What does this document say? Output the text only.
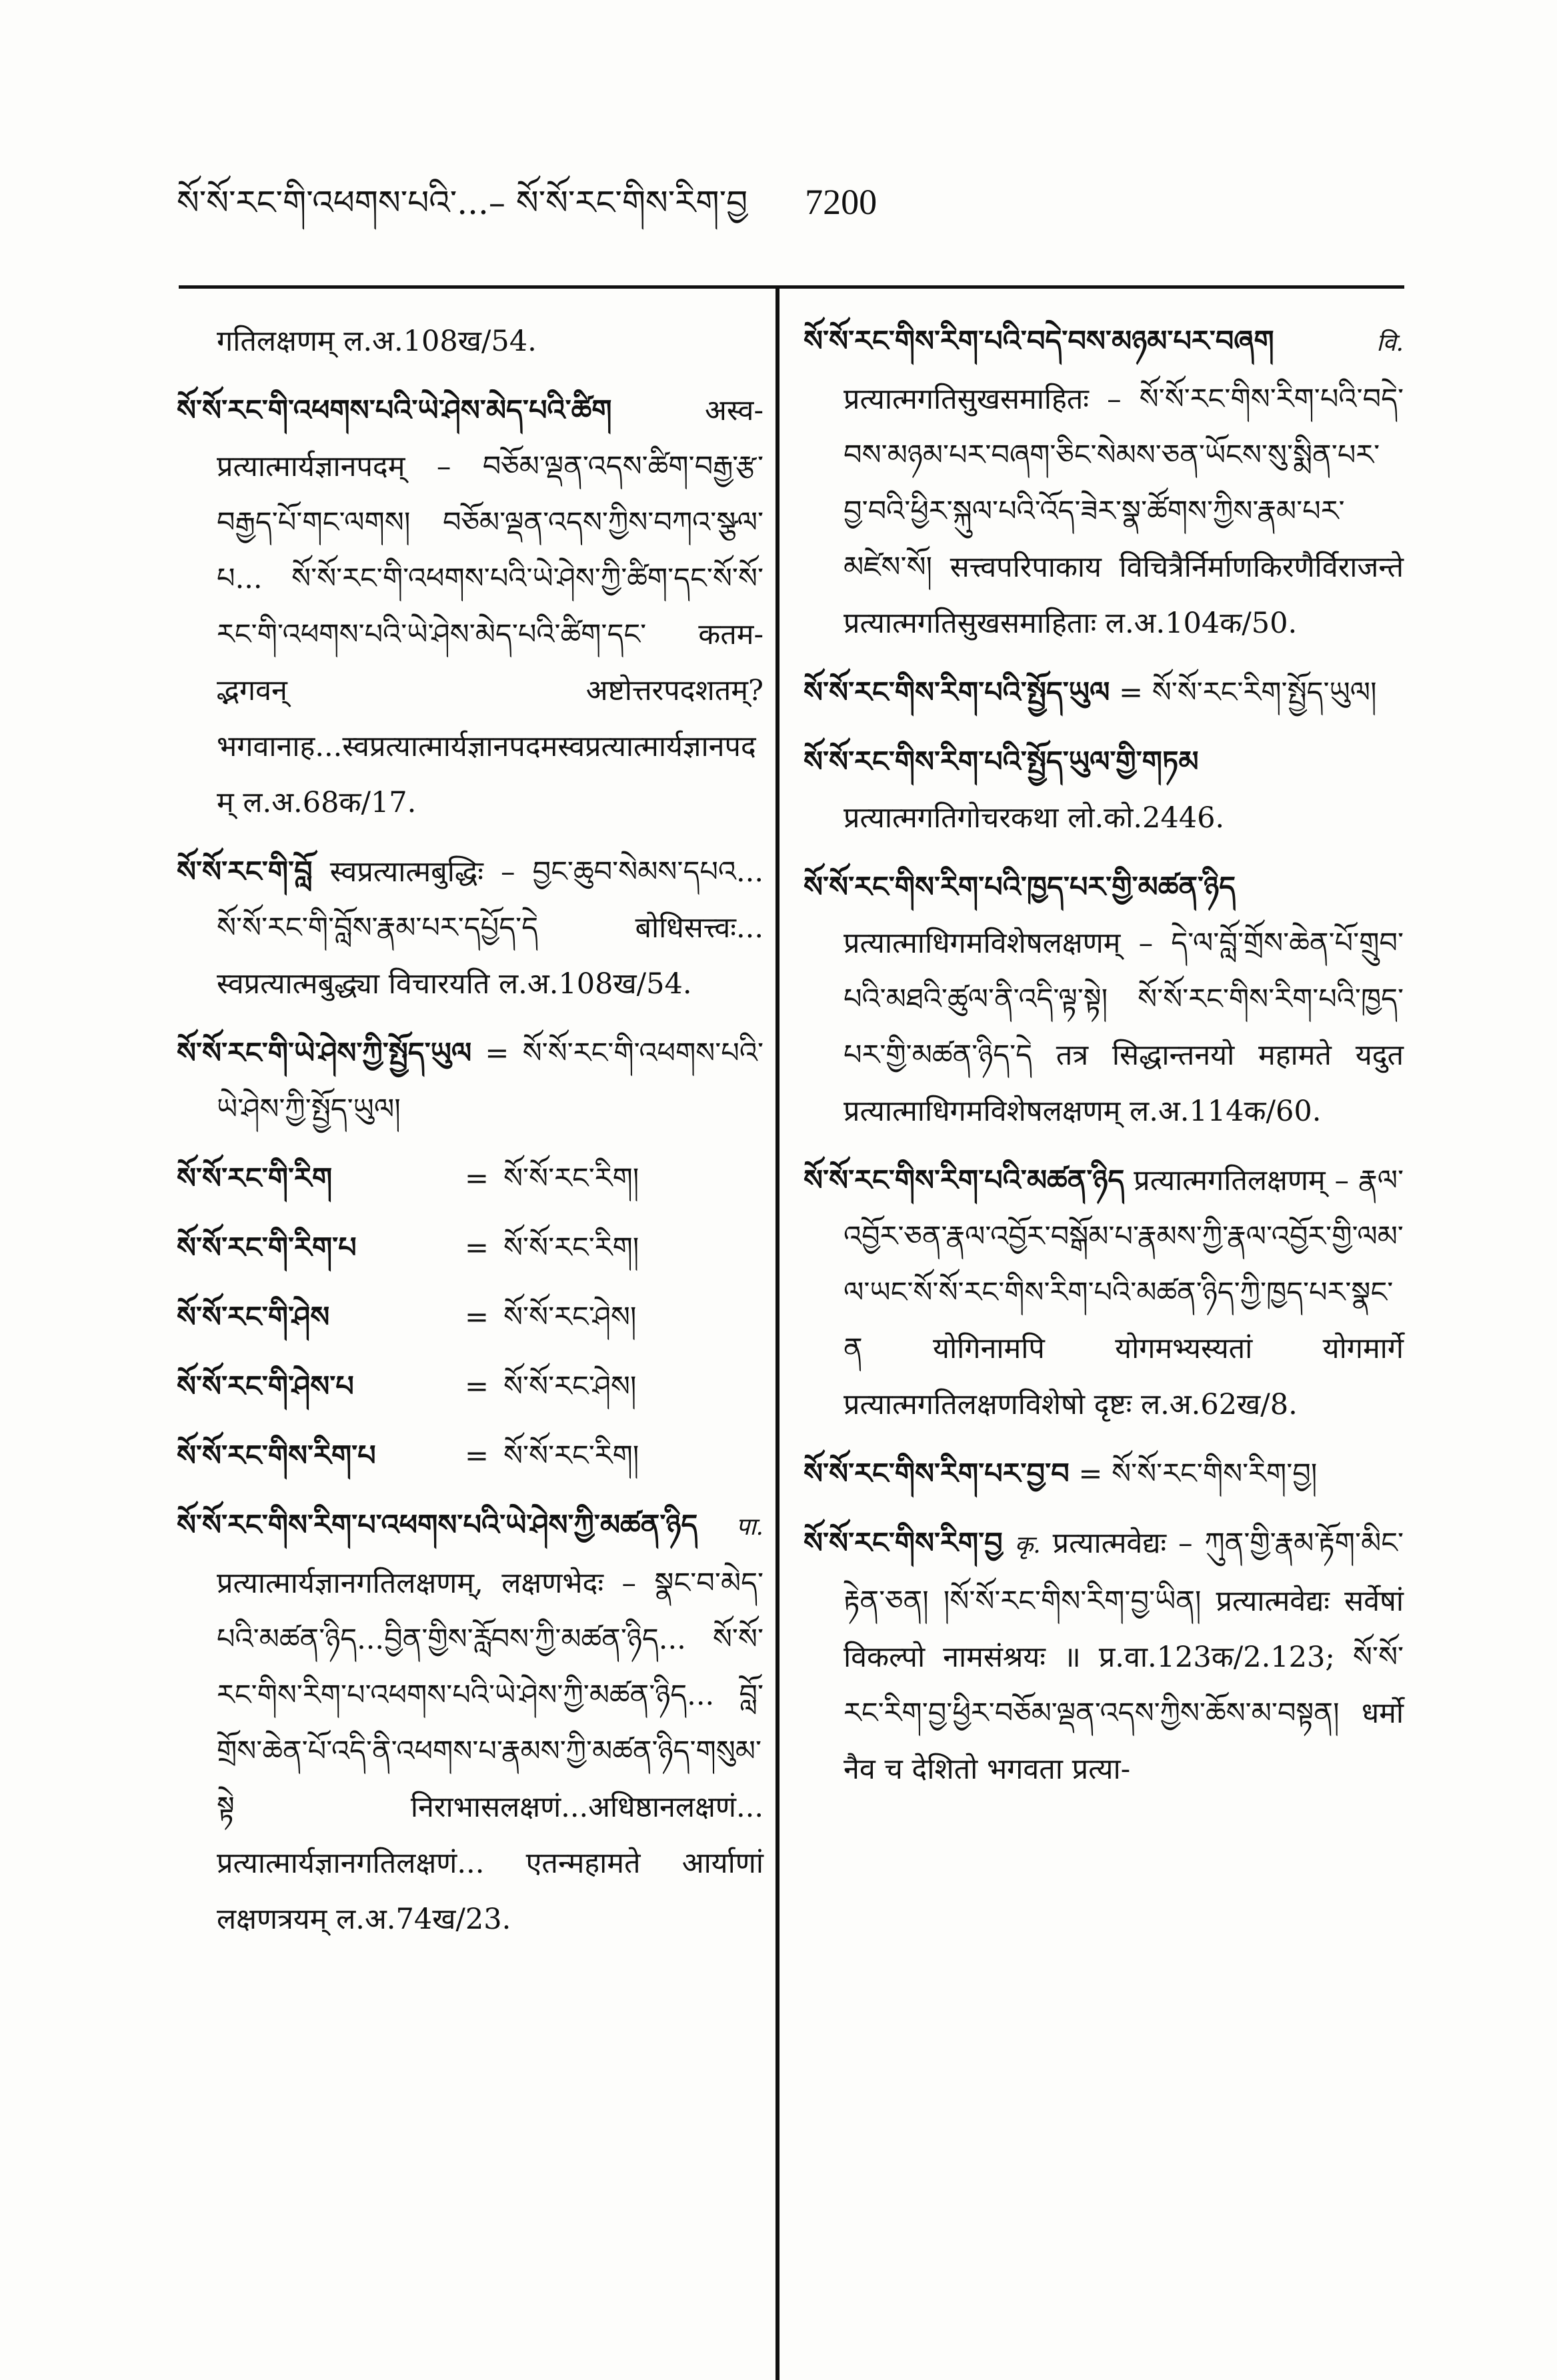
སོ་སོ་རང་གི་འཕགས་པའི་...– སོ་སོ་རང་གིས་རིག་བྱ 7200

गतिलक्षणम् ल.अ.108ख/54.

སོ་སོ་རང་གི་འཕགས་པའི་ཡེ་ཤེས་མེད་པའི་ཚིག	अस्व-प्रत्यात्मार्यज्ञानपदम् – བཅོམ་ལྡན་འདས་ཚིག་བརྒྱ་རྩ་བརྒྱད་པོ་གང་ལགས། བཅོམ་ལྡན་འདས་ཀྱིས་བཀའ་སྩལ་པ... སོ་སོ་རང་གི་འཕགས་པའི་ཡེ་ཤེས་ཀྱི་ཚིག་དང་སོ་སོ་རང་གི་འཕགས་པའི་ཡེ་ཤེས་མེད་པའི་ཚིག་དང་ कतम-द्भगवन् अष्टोत्तरपदशतम्? भगवानाह...स्वप्रत्यात्मार्यज्ञानपदमस्वप्रत्यात्मार्यज्ञानपदम् ल.अ.68क/17.

སོ་སོ་རང་གི་བློ स्वप्रत्यात्मबुद्धिः – བྱང་ཆུབ་སེམས་དཔའ... སོ་སོ་རང་གི་བློས་རྣམ་པར་དཔྱོད་དེ बोधिसत्त्वः... स्वप्रत्यात्मबुद्ध्या विचारयति ल.अ.108ख/54.

སོ་སོ་རང་གི་ཡེ་ཤེས་ཀྱི་སྤྱོད་ཡུལ = སོ་སོ་རང་གི་འཕགས་པའི་ཡེ་ཤེས་ཀྱི་སྤྱོད་ཡུལ།

སོ་སོ་རང་གི་རིག	= སོ་སོ་རང་རིག།
སོ་སོ་རང་གི་རིག་པ	= སོ་སོ་རང་རིག།
སོ་སོ་རང་གི་ཤེས	= སོ་སོ་རང་ཤེས།
སོ་སོ་རང་གི་ཤེས་པ	= སོ་སོ་རང་ཤེས།
སོ་སོ་རང་གིས་རིག་པ	= སོ་སོ་རང་རིག།

སོ་སོ་རང་གིས་རིག་པ་འཕགས་པའི་ཡེ་ཤེས་ཀྱི་མཚན་ཉིད पा. प्रत्यात्मार्यज्ञानगतिलक्षणम्, लक्षणभेदः – སྣང་བ་མེད་པའི་མཚན་ཉིད...བྱིན་གྱིས་རློབས་ཀྱི་མཚན་ཉིད... སོ་སོ་རང་གིས་རིག་པ་འཕགས་པའི་ཡེ་ཤེས་ཀྱི་མཚན་ཉིད... བློ་གྲོས་ཆེན་པོ་འདི་ནི་འཕགས་པ་རྣམས་ཀྱི་མཚན་ཉིད་གསུམ་སྟེ निराभासलक्षणं...अधिष्ठानलक्षणं... प्रत्यात्मार्यज्ञानगतिलक्षणं... एतन्महामते आर्याणां लक्षणत्रयम् ल.अ.74ख/23.

སོ་སོ་རང་གིས་རིག་པའི་བདེ་བས་མཉམ་པར་བཞག	वि. प्रत्यात्मगतिसुखसमाहितः – སོ་སོ་རང་གིས་རིག་པའི་བདེ་བས་མཉམ་པར་བཞག་ཅིང་སེམས་ཅན་ཡོངས་སུ་སྨིན་པར་བྱ་བའི་ཕྱིར་སྐུལ་པའི་འོད་ཟེར་སྣ་ཚོགས་ཀྱིས་རྣམ་པར་མཛེས་སོ། सत्त्वपरिपाकाय विचित्रैर्निर्माणकिरणैर्विराजन्ते प्रत्यात्मगतिसुखसमाहिताः ल.अ.104क/50.

སོ་སོ་རང་གིས་རིག་པའི་སྤྱོད་ཡུལ = སོ་སོ་རང་རིག་སྤྱོད་ཡུལ།

སོ་སོ་རང་གིས་རིག་པའི་སྤྱོད་ཡུལ་གྱི་གཏམ प्रत्यात्मगतिगोचरकथा लो.को.2446.

སོ་སོ་རང་གིས་རིག་པའི་ཁྱད་པར་གྱི་མཚན་ཉིད प्रत्यात्माधिगमविशेषलक्षणम् – དེ་ལ་བློ་གྲོས་ཆེན་པོ་གྲུབ་པའི་མཐའི་ཚུལ་ནི་འདི་ལྟ་སྟེ། སོ་སོ་རང་གིས་རིག་པའི་ཁྱད་པར་གྱི་མཚན་ཉིད་དེ तत्र सिद्धान्तनयो महामते यदुत प्रत्यात्माधिगमविशेषलक्षणम् ल.अ.114क/60.

སོ་སོ་རང་གིས་རིག་པའི་མཚན་ཉིད प्रत्यात्मगतिलक्षणम् – རྣལ་འབྱོར་ཅན་རྣལ་འབྱོར་བསྒོམ་པ་རྣམས་ཀྱི་རྣལ་འབྱོར་གྱི་ལམ་ལ་ཡང་སོ་སོ་རང་གིས་རིག་པའི་མཚན་ཉིད་ཀྱི་ཁྱད་པར་སྣང་ན योगिनामपि योगमभ्यस्यतां योगमार्गे प्रत्यात्मगतिलक्षणविशेषो दृष्टः ल.अ.62ख/8.

སོ་སོ་རང་གིས་རིག་པར་བྱ་བ = སོ་སོ་རང་གིས་རིག་བྱ།

སོ་སོ་རང་གིས་རིག་བྱ कृ. प्रत्यात्मवेद्यः – ཀུན་གྱི་རྣམ་རྟོག་མིང་རྟེན་ཅན། །སོ་སོ་རང་གིས་རིག་བྱ་ཡིན། प्रत्यात्मवेद्यः सर्वेषां विकल्पो नामसंश्रयः ॥ प्र.वा.123क/2.123; སོ་སོ་རང་རིག་བྱ་ཕྱིར་བཅོམ་ལྡན་འདས་ཀྱིས་ཆོས་མ་བསྟན། धर्मो नैव च देशितो भगवता प्रत्या-
